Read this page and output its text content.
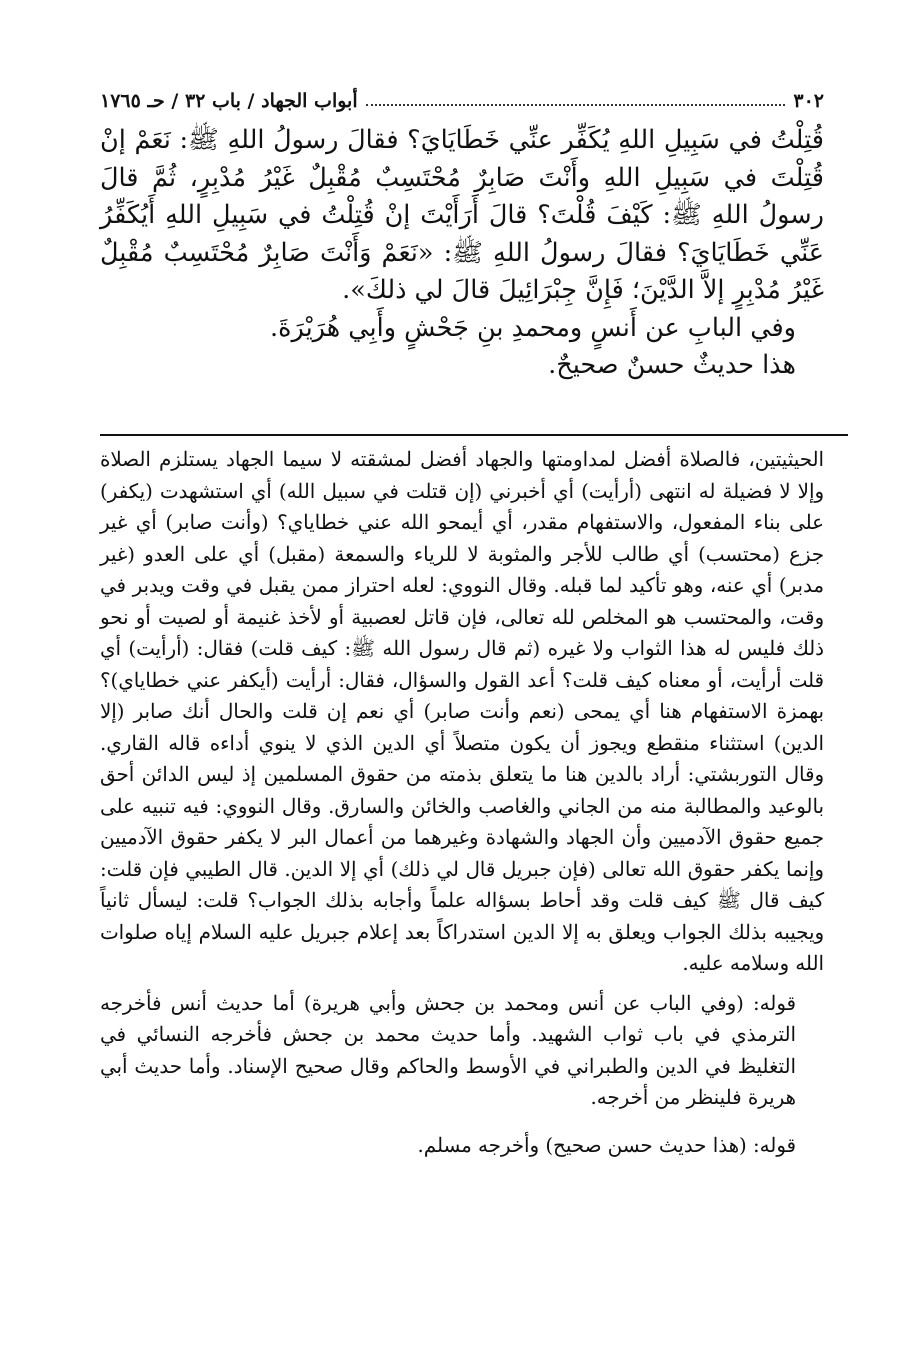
٣٠٢
أبواب الجهاد / باب ٣٢ / حـ ١٧٦٥

قُتِلْتُ في سَبِيلِ اللهِ يُكَفِّر عنِّي خَطَايَايَ؟ فقالَ رسولُ اللهِ ﷺ: نَعَمْ إنْ قُتِلْتَ في سَبِيلِ اللهِ وأَنْتَ صَابِرٌ مُحْتَسِبٌ مُقْبِلٌ غَيْرُ مُدْبِرٍ، ثُمَّ قالَ رسولُ اللهِ ﷺ: كَيْفَ قُلْتَ؟ قالَ أَرَأَيْتَ إنْ قُتِلْتُ في سَبِيلِ اللهِ أَيُكَفِّرُ عَنِّي خَطَايَايَ؟ فقالَ رسولُ اللهِ ﷺ: «نَعَمْ وَأَنْتَ صَابِرٌ مُحْتَسِبٌ مُقْبِلٌ غَيْرُ مُدْبِرٍ إلاَّ الدَّيْنَ؛ فَإِنَّ جِبْرَائِيلَ قالَ لي ذلكَ».

وفي البابِ عن أَنسٍ ومحمدِ بنِ جَحْشٍ وأَبِي هُرَيْرَةَ.

هذا حديثٌ حسنٌ صحيحٌ.

الحيثيتين، فالصلاة أفضل لمداومتها والجهاد أفضل لمشقته لا سيما الجهاد يستلزم الصلاة وإلا لا فضيلة له انتهى (أرأيت) أي أخبرني (إن قتلت في سبيل الله) أي استشهدت (يكفر) على بناء المفعول، والاستفهام مقدر، أي أيمحو الله عني خطاياي؟ (وأنت صابر) أي غير جزع (محتسب) أي طالب للأجر والمثوبة لا للرياء والسمعة (مقبل) أي على العدو (غير مدبر) أي عنه، وهو تأكيد لما قبله. وقال النووي: لعله احتراز ممن يقبل في وقت ويدبر في وقت، والمحتسب هو المخلص لله تعالى، فإن قاتل لعصبية أو لأخذ غنيمة أو لصيت أو نحو ذلك فليس له هذا الثواب ولا غيره (ثم قال رسول الله ﷺ: كيف قلت) فقال: (أرأيت) أي قلت أرأيت، أو معناه كيف قلت؟ أعد القول والسؤال، فقال: أرأيت (أيكفر عني خطاياي)؟ بهمزة الاستفهام هنا أي يمحى (نعم وأنت صابر) أي نعم إن قلت والحال أنك صابر (إلا الدين) استثناء منقطع ويجوز أن يكون متصلاً أي الدين الذي لا ينوي أداءه قاله القاري. وقال التوربشتي: أراد بالدين هنا ما يتعلق بذمته من حقوق المسلمين إذ ليس الدائن أحق بالوعيد والمطالبة منه من الجاني والغاصب والخائن والسارق. وقال النووي: فيه تنبيه على جميع حقوق الآدميين وأن الجهاد والشهادة وغيرهما من أعمال البر لا يكفر حقوق الآدميين وإنما يكفر حقوق الله تعالى (فإن جبريل قال لي ذلك) أي إلا الدين. قال الطيبي فإن قلت: كيف قال ﷺ كيف قلت وقد أحاط بسؤاله علماً وأجابه بذلك الجواب؟ قلت: ليسأل ثانياً ويجيبه بذلك الجواب ويعلق به إلا الدين استدراكاً بعد إعلام جبريل عليه السلام إياه صلوات الله وسلامه عليه.

قوله: (وفي الباب عن أنس ومحمد بن جحش وأبي هريرة) أما حديث أنس فأخرجه الترمذي في باب ثواب الشهيد. وأما حديث محمد بن جحش فأخرجه النسائي في التغليظ في الدين والطبراني في الأوسط والحاكم وقال صحيح الإسناد. وأما حديث أبي هريرة فلينظر من أخرجه.

قوله: (هذا حديث حسن صحيح) وأخرجه مسلم.
